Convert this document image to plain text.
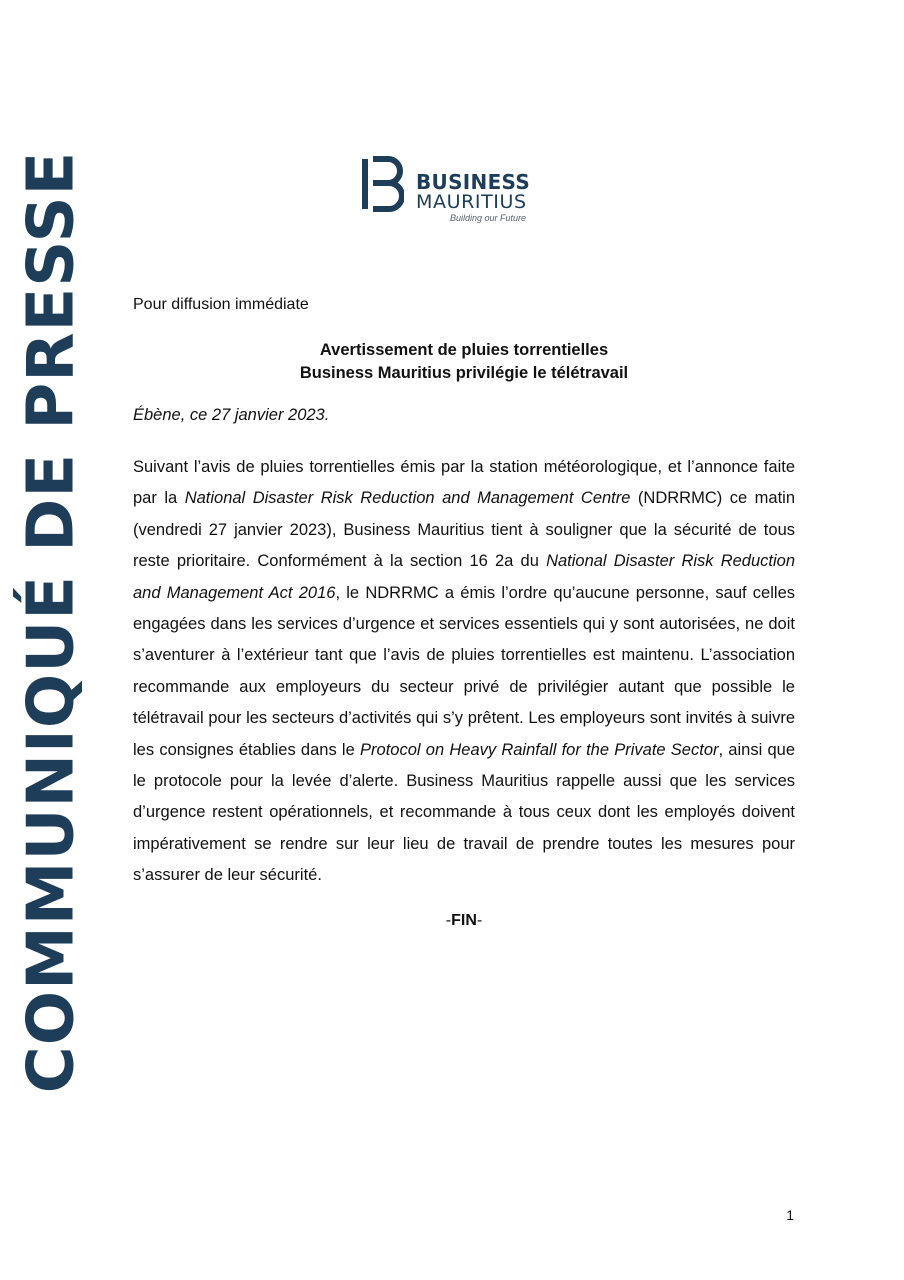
COMMUNIQUÉ DE PRESSE	BUSINESS
MAURITIUS
Building our Future

Pour diffusion immédiate

Avertissement de pluies torrentielles
Business Mauritius privilégie le télétravail

Ébène, ce 27 janvier 2023.

Suivant l’avis de pluies torrentielles émis par la station météorologique, et l’annonce faite par la National Disaster Risk Reduction and Management Centre (NDRRMC) ce matin (vendredi 27 janvier 2023), Business Mauritius tient à souligner que la sécurité de tous reste prioritaire. Conformément à la section 16 2a du National Disaster Risk Reduction and Management Act 2016, le NDRRMC a émis l’ordre qu’aucune personne, sauf celles engagées dans les services d’urgence et services essentiels qui y sont autorisées, ne doit s’aventurer à l’extérieur tant que l’avis de pluies torrentielles est maintenu. L’association recommande aux employeurs du secteur privé de privilégier autant que possible le télétravail pour les secteurs d’activités qui s’y prêtent. Les employeurs sont invités à suivre les consignes établies dans le Protocol on Heavy Rainfall for the Private Sector, ainsi que le protocole pour la levée d’alerte. Business Mauritius rappelle aussi que les services d’urgence restent opérationnels, et recommande à tous ceux dont les employés doivent impérativement se rendre sur leur lieu de travail de prendre toutes les mesures pour s’assurer de leur sécurité.

-FIN-

1
